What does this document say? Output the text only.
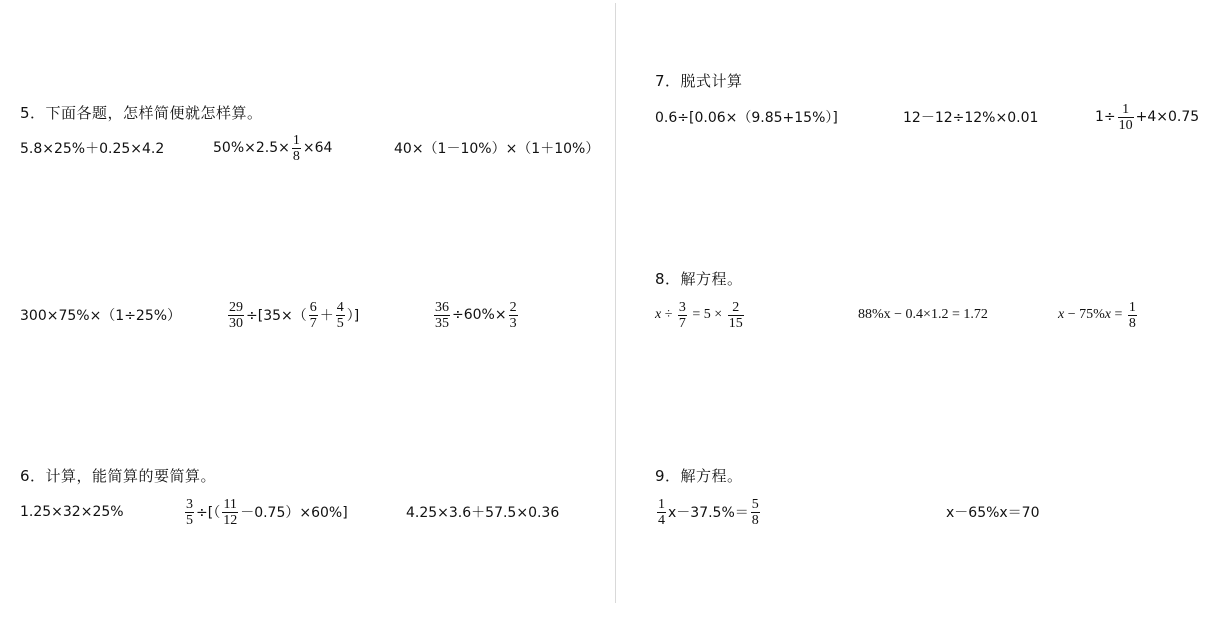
5．下面各题，怎样简便就怎样算。
5.8×25%＋0.25×4.2	$50\%\times 2.5\times \frac{1}{8} \times 64$	40×（1－10%）×（1＋10%）
300×75%×（1÷25%）	$\frac{29}{30} \div[35\times( \frac{6}{7} + \frac{4}{5}$ ）]	$\frac{36}{35} \div 60\%\times \frac{2}{3}$
6．计算，能简算的要简算。
1.25×32×25%	$\frac{3}{5}$ ÷[（ $\frac{11}{12} -0.75)\times 60\%$]	4.25×3.6＋57.5×0.36
7．脱式计算
0.6÷[0.06×（9.85+15%）]	12－12÷12%×0.01	$1\div \frac{1}{10} +4\times 0.75$
8．解方程。
$x \div \frac{3}{7} = 5 \times \frac{2}{15}$	88%x − 0.4×1.2 = 1.72	x − 75% $x = \frac{1}{8}$
9．解方程。
$\frac{1}{4} x-37.5\%= \frac{5}{8}$	x－65%x＝70
